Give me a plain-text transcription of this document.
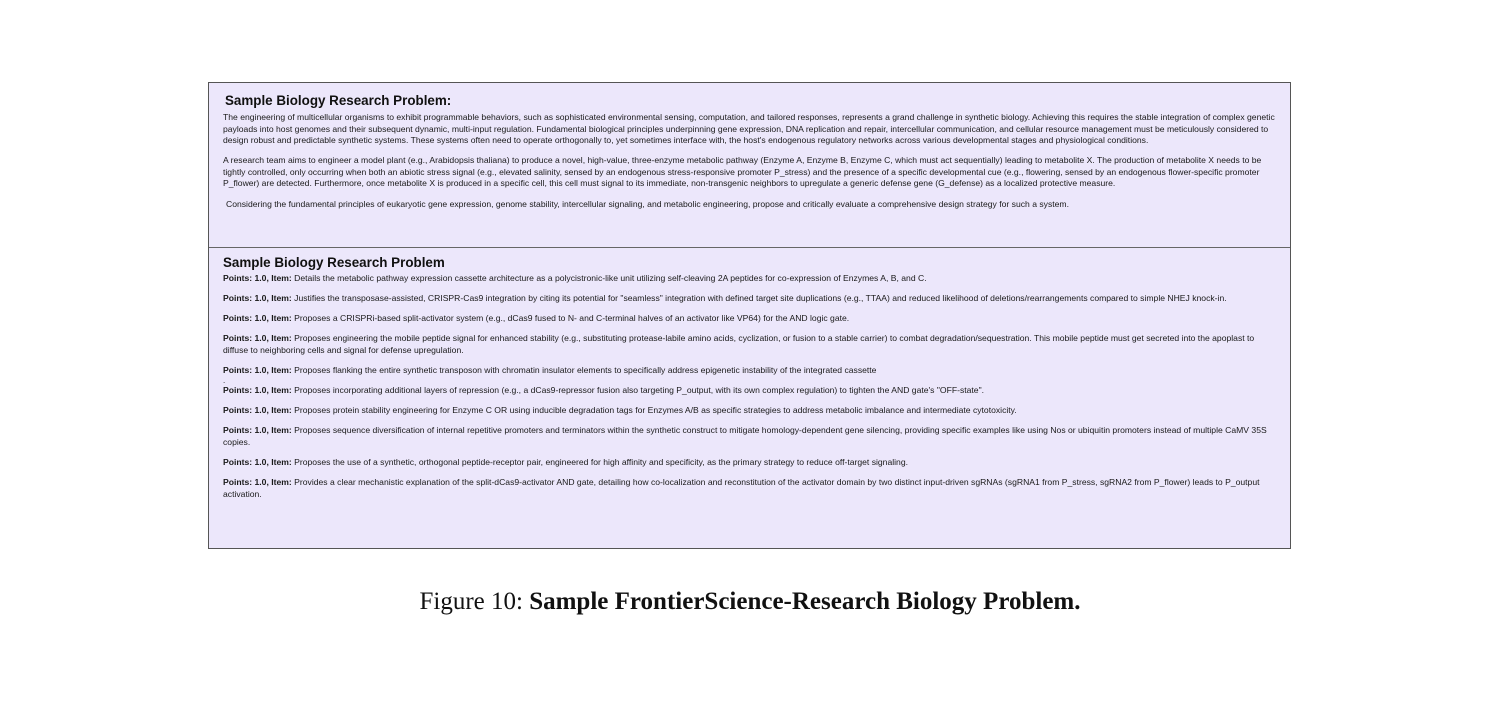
Sample Biology Research Problem:

The engineering of multicellular organisms to exhibit programmable behaviors, such as sophisticated environmental sensing, computation, and tailored responses, represents a grand challenge in synthetic biology. Achieving this requires the stable integration of complex genetic payloads into host genomes and their subsequent dynamic, multi-input regulation. Fundamental biological principles underpinning gene expression, DNA replication and repair, intercellular communication, and cellular resource management must be meticulously considered to design robust and predictable synthetic systems. These systems often need to operate orthogonally to, yet sometimes interface with, the host's endogenous regulatory networks across various developmental stages and physiological conditions.

A research team aims to engineer a model plant (e.g., Arabidopsis thaliana) to produce a novel, high-value, three-enzyme metabolic pathway (Enzyme A, Enzyme B, Enzyme C, which must act sequentially) leading to metabolite X. The production of metabolite X needs to be tightly controlled, only occurring when both an abiotic stress signal (e.g., elevated salinity, sensed by an endogenous stress-responsive promoter P_stress) and the presence of a specific developmental cue (e.g., flowering, sensed by an endogenous flower-specific promoter P_flower) are detected. Furthermore, once metabolite X is produced in a specific cell, this cell must signal to its immediate, non-transgenic neighbors to upregulate a generic defense gene (G_defense) as a localized protective measure.

Considering the fundamental principles of eukaryotic gene expression, genome stability, intercellular signaling, and metabolic engineering, propose and critically evaluate a comprehensive design strategy for such a system.

Sample Biology Research Problem
Points: 1.0, Item: Details the metabolic pathway expression cassette architecture as a polycistronic-like unit utilizing self-cleaving 2A peptides for co-expression of Enzymes A, B, and C.
Points: 1.0, Item: Justifies the transposase-assisted, CRISPR-Cas9 integration by citing its potential for "seamless" integration with defined target site duplications (e.g., TTAA) and reduced likelihood of deletions/rearrangements compared to simple NHEJ knock-in.
Points: 1.0, Item: Proposes a CRISPRi-based split-activator system (e.g., dCas9 fused to N- and C-terminal halves of an activator like VP64) for the AND logic gate.
Points: 1.0, Item: Proposes engineering the mobile peptide signal for enhanced stability (e.g., substituting protease-labile amino acids, cyclization, or fusion to a stable carrier) to combat degradation/sequestration. This mobile peptide must get secreted into the apoplast to diffuse to neighboring cells and signal for defense upregulation.
Points: 1.0, Item: Proposes flanking the entire synthetic transposon with chromatin insulator elements to specifically address epigenetic instability of the integrated cassette
.
Points: 1.0, Item: Proposes incorporating additional layers of repression (e.g., a dCas9-repressor fusion also targeting P_output, with its own complex regulation) to tighten the AND gate's "OFF-state".
Points: 1.0, Item: Proposes protein stability engineering for Enzyme C OR using inducible degradation tags for Enzymes A/B as specific strategies to address metabolic imbalance and intermediate cytotoxicity.
Points: 1.0, Item: Proposes sequence diversification of internal repetitive promoters and terminators within the synthetic construct to mitigate homology-dependent gene silencing, providing specific examples like using Nos or ubiquitin promoters instead of multiple CaMV 35S copies.
Points: 1.0, Item: Proposes the use of a synthetic, orthogonal peptide-receptor pair, engineered for high affinity and specificity, as the primary strategy to reduce off-target signaling.
Points: 1.0, Item: Provides a clear mechanistic explanation of the split-dCas9-activator AND gate, detailing how co-localization and reconstitution of the activator domain by two distinct input-driven sgRNAs (sgRNA1 from P_stress, sgRNA2 from P_flower) leads to P_output activation.
Figure 10: Sample FrontierScience-Research Biology Problem.
